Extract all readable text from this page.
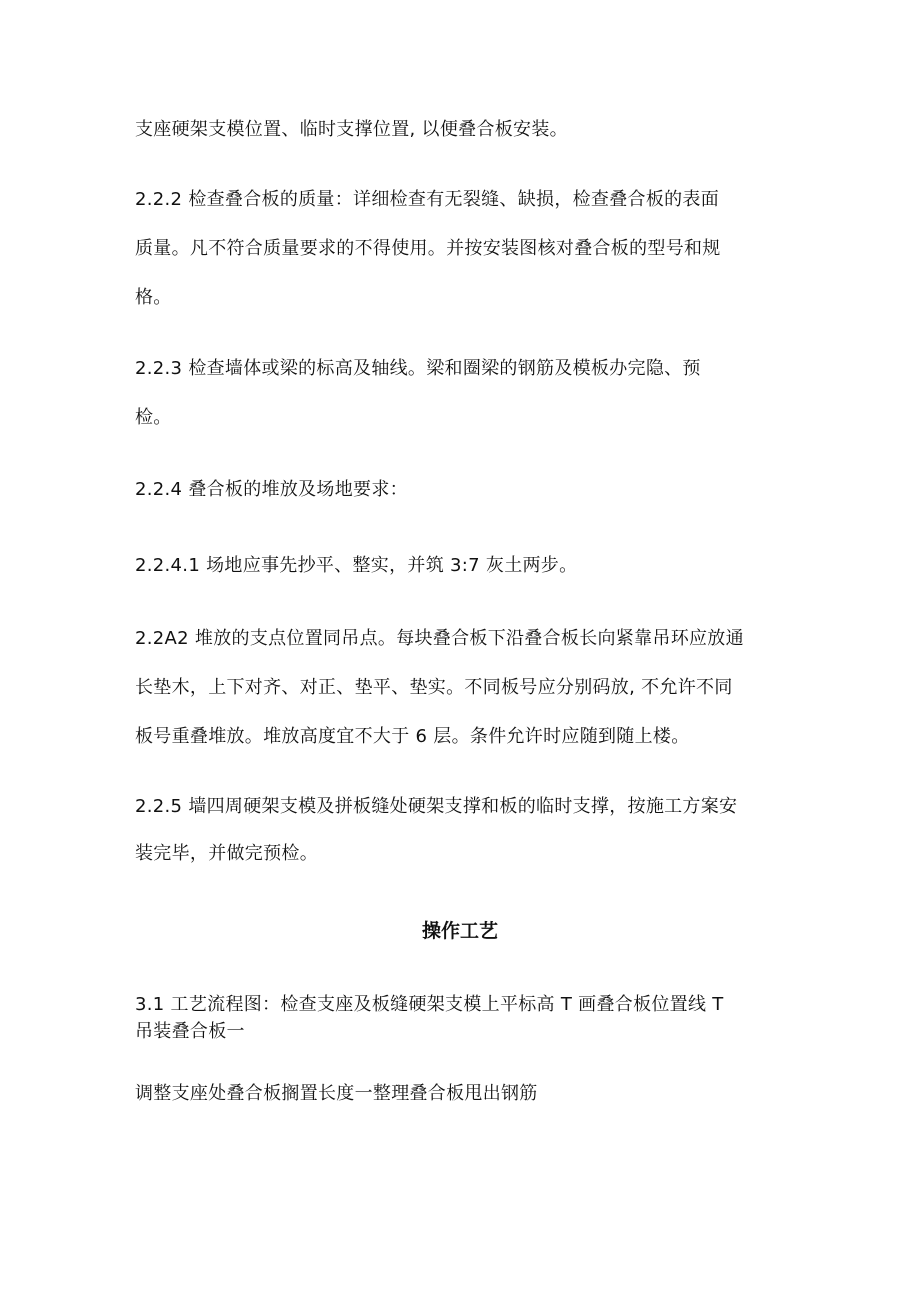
支座硬架支模位置、临时支撑位置, 以便叠合板安装。
2.2.2 检查叠合板的质量：详细检查有无裂缝、缺损，检查叠合板的表面
质量。凡不符合质量要求的不得使用。并按安装图核对叠合板的型号和规
格。
2.2.3 检查墙体或梁的标高及轴线。梁和圈梁的钢筋及模板办完隐、预
检。
2.2.4 叠合板的堆放及场地要求：
2.2.4.1 场地应事先抄平、整实，并筑 3:7 灰土两步。
2.2A2 堆放的支点位置同吊点。每块叠合板下沿叠合板长向紧靠吊环应放通
长垫木，上下对齐、对正、垫平、垫实。不同板号应分别码放, 不允许不同
板号重叠堆放。堆放高度宜不大于 6 层。条件允许时应随到随上楼。
2.2.5 墙四周硬架支模及拼板缝处硬架支撑和板的临时支撑，按施工方案安
装完毕，并做完预检。
操作工艺
3.1 工艺流程图：检查支座及板缝硬架支模上平标高 T 画叠合板位置线 T
吊装叠合板一
调整支座处叠合板搁置长度一整理叠合板甩出钢筋
